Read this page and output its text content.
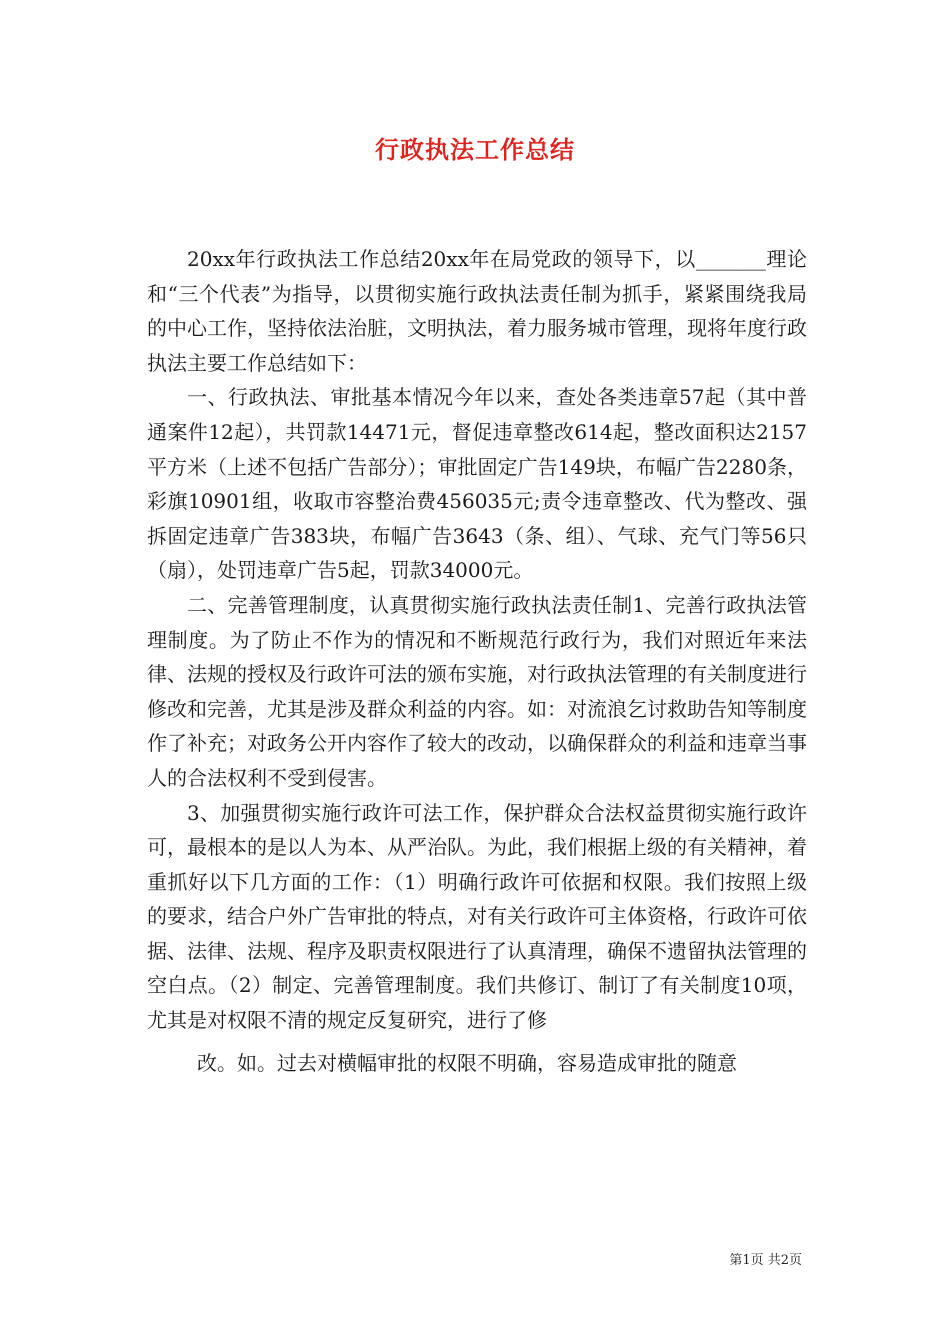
行政执法工作总结

20xx年行政执法工作总结20xx年在局党政的领导下，以_______理论和“三个代表”为指导，以贯彻实施行政执法责任制为抓手，紧紧围绕我局的中心工作，坚持依法治脏，文明执法，着力服务城市管理，现将年度行政执法主要工作总结如下：

一、行政执法、审批基本情况今年以来，查处各类违章57起（其中普通案件12起），共罚款14471元，督促违章整改614起，整改面积达2157平方米（上述不包括广告部分）；审批固定广告149块，布幅广告2280条，彩旗10901组，收取市容整治费456035元;责令违章整改、代为整改、强拆固定违章广告383块，布幅广告3643（条、组）、气球、充气门等56只（扇），处罚违章广告5起，罚款34000元。

二、完善管理制度，认真贯彻实施行政执法责任制1、完善行政执法管理制度。为了防止不作为的情况和不断规范行政行为，我们对照近年来法律、法规的授权及行政许可法的颁布实施，对行政执法管理的有关制度进行修改和完善，尤其是涉及群众利益的内容。如：对流浪乞讨救助告知等制度作了补充；对政务公开内容作了较大的改动，以确保群众的利益和违章当事人的合法权利不受到侵害。

3、加强贯彻实施行政许可法工作，保护群众合法权益贯彻实施行政许可，最根本的是以人为本、从严治队。为此，我们根据上级的有关精神，着重抓好以下几方面的工作：（1）明确行政许可依据和权限。我们按照上级的要求，结合户外广告审批的特点，对有关行政许可主体资格，行政许可依据、法律、法规、程序及职责权限进行了认真清理，确保不遗留执法管理的空白点。（2）制定、完善管理制度。我们共修订、制订了有关制度10项，尤其是对权限不清的规定反复研究，进行了修

改。如。过去对横幅审批的权限不明确，容易造成审批的随意

第1页 共2页
